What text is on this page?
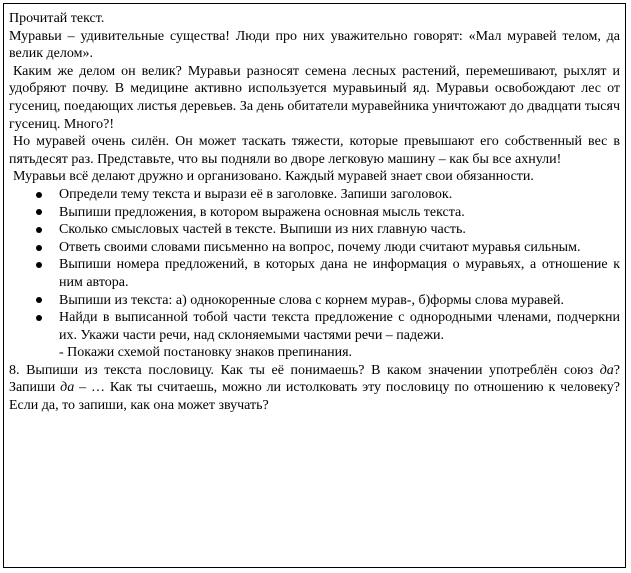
Прочитай текст.

Муравьи – удивительные существа! Люди про них уважительно говорят: «Мал муравей телом, да велик делом».

Каким же делом он велик? Муравьи разносят семена лесных растений, перемешивают, рыхлят и удобряют почву. В медицине активно используется муравьиный яд. Муравьи освобождают лес от гусениц, поедающих листья деревьев. За день обитатели муравейника уничтожают до двадцати тысяч гусениц. Много?!

Но муравей очень силён. Он может таскать тяжести, которые превышают его собственный вес в пятьдесят раз. Представьте, что вы подняли во дворе легковую машину – как бы все ахнули!

Муравьи всё делают дружно и организовано. Каждый муравей знает свои обязанности.

Определи тему текста и вырази её в заголовке. Запиши заголовок.
Выпиши предложения, в котором выражена основная мысль текста.
Сколько смысловых частей в тексте. Выпиши из них главную часть.
Ответь своими словами письменно на вопрос, почему люди считают муравья сильным.
Выпиши номера предложений, в которых дана не информация о муравьях, а отношение к ним автора.
Выпиши из текста: а) однокоренные слова с корнем мурав-, б)формы слова муравей.
Найди в выписанной тобой части текста предложение с однородными членами, подчеркни их. Укажи части речи, над склоняемыми частями речи – падежи.

- Покажи схемой постановку знаков препинания.

8. Выпиши из текста пословицу. Как ты её понимаешь? В каком значении употреблён союз да? Запиши да – … Как ты считаешь, можно ли истолковать эту пословицу по отношению к человеку? Если да, то запиши, как она может звучать?
